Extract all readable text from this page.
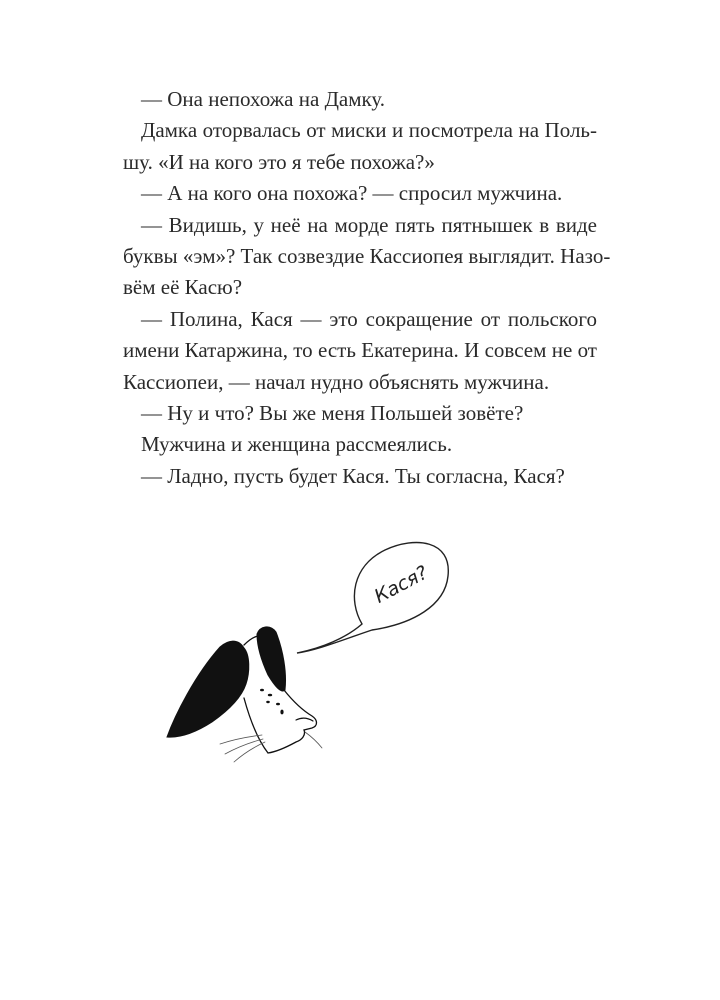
— Она непохожа на Дамку.
Дамка оторвалась от миски и посмотрела на Поль-
шу. «И на кого это я тебе похожа?»
— А на кого она похожа? — спросил мужчина.
— Видишь, у неё на морде пять пятнышек в виде
буквы «эм»? Так созвездие Кассиопея выглядит. Назо-
вём её Касю?
— Полина, Кася — это сокращение от польского
имени Катаржина, то есть Екатерина. И совсем не от
Кассиопеи, — начал нудно объяснять мужчина.
— Ну и что? Вы же меня Польшей зовёте?
Мужчина и женщина рассмеялись.
— Ладно, пусть будет Кася. Ты согласна, Кася?
Кася?
